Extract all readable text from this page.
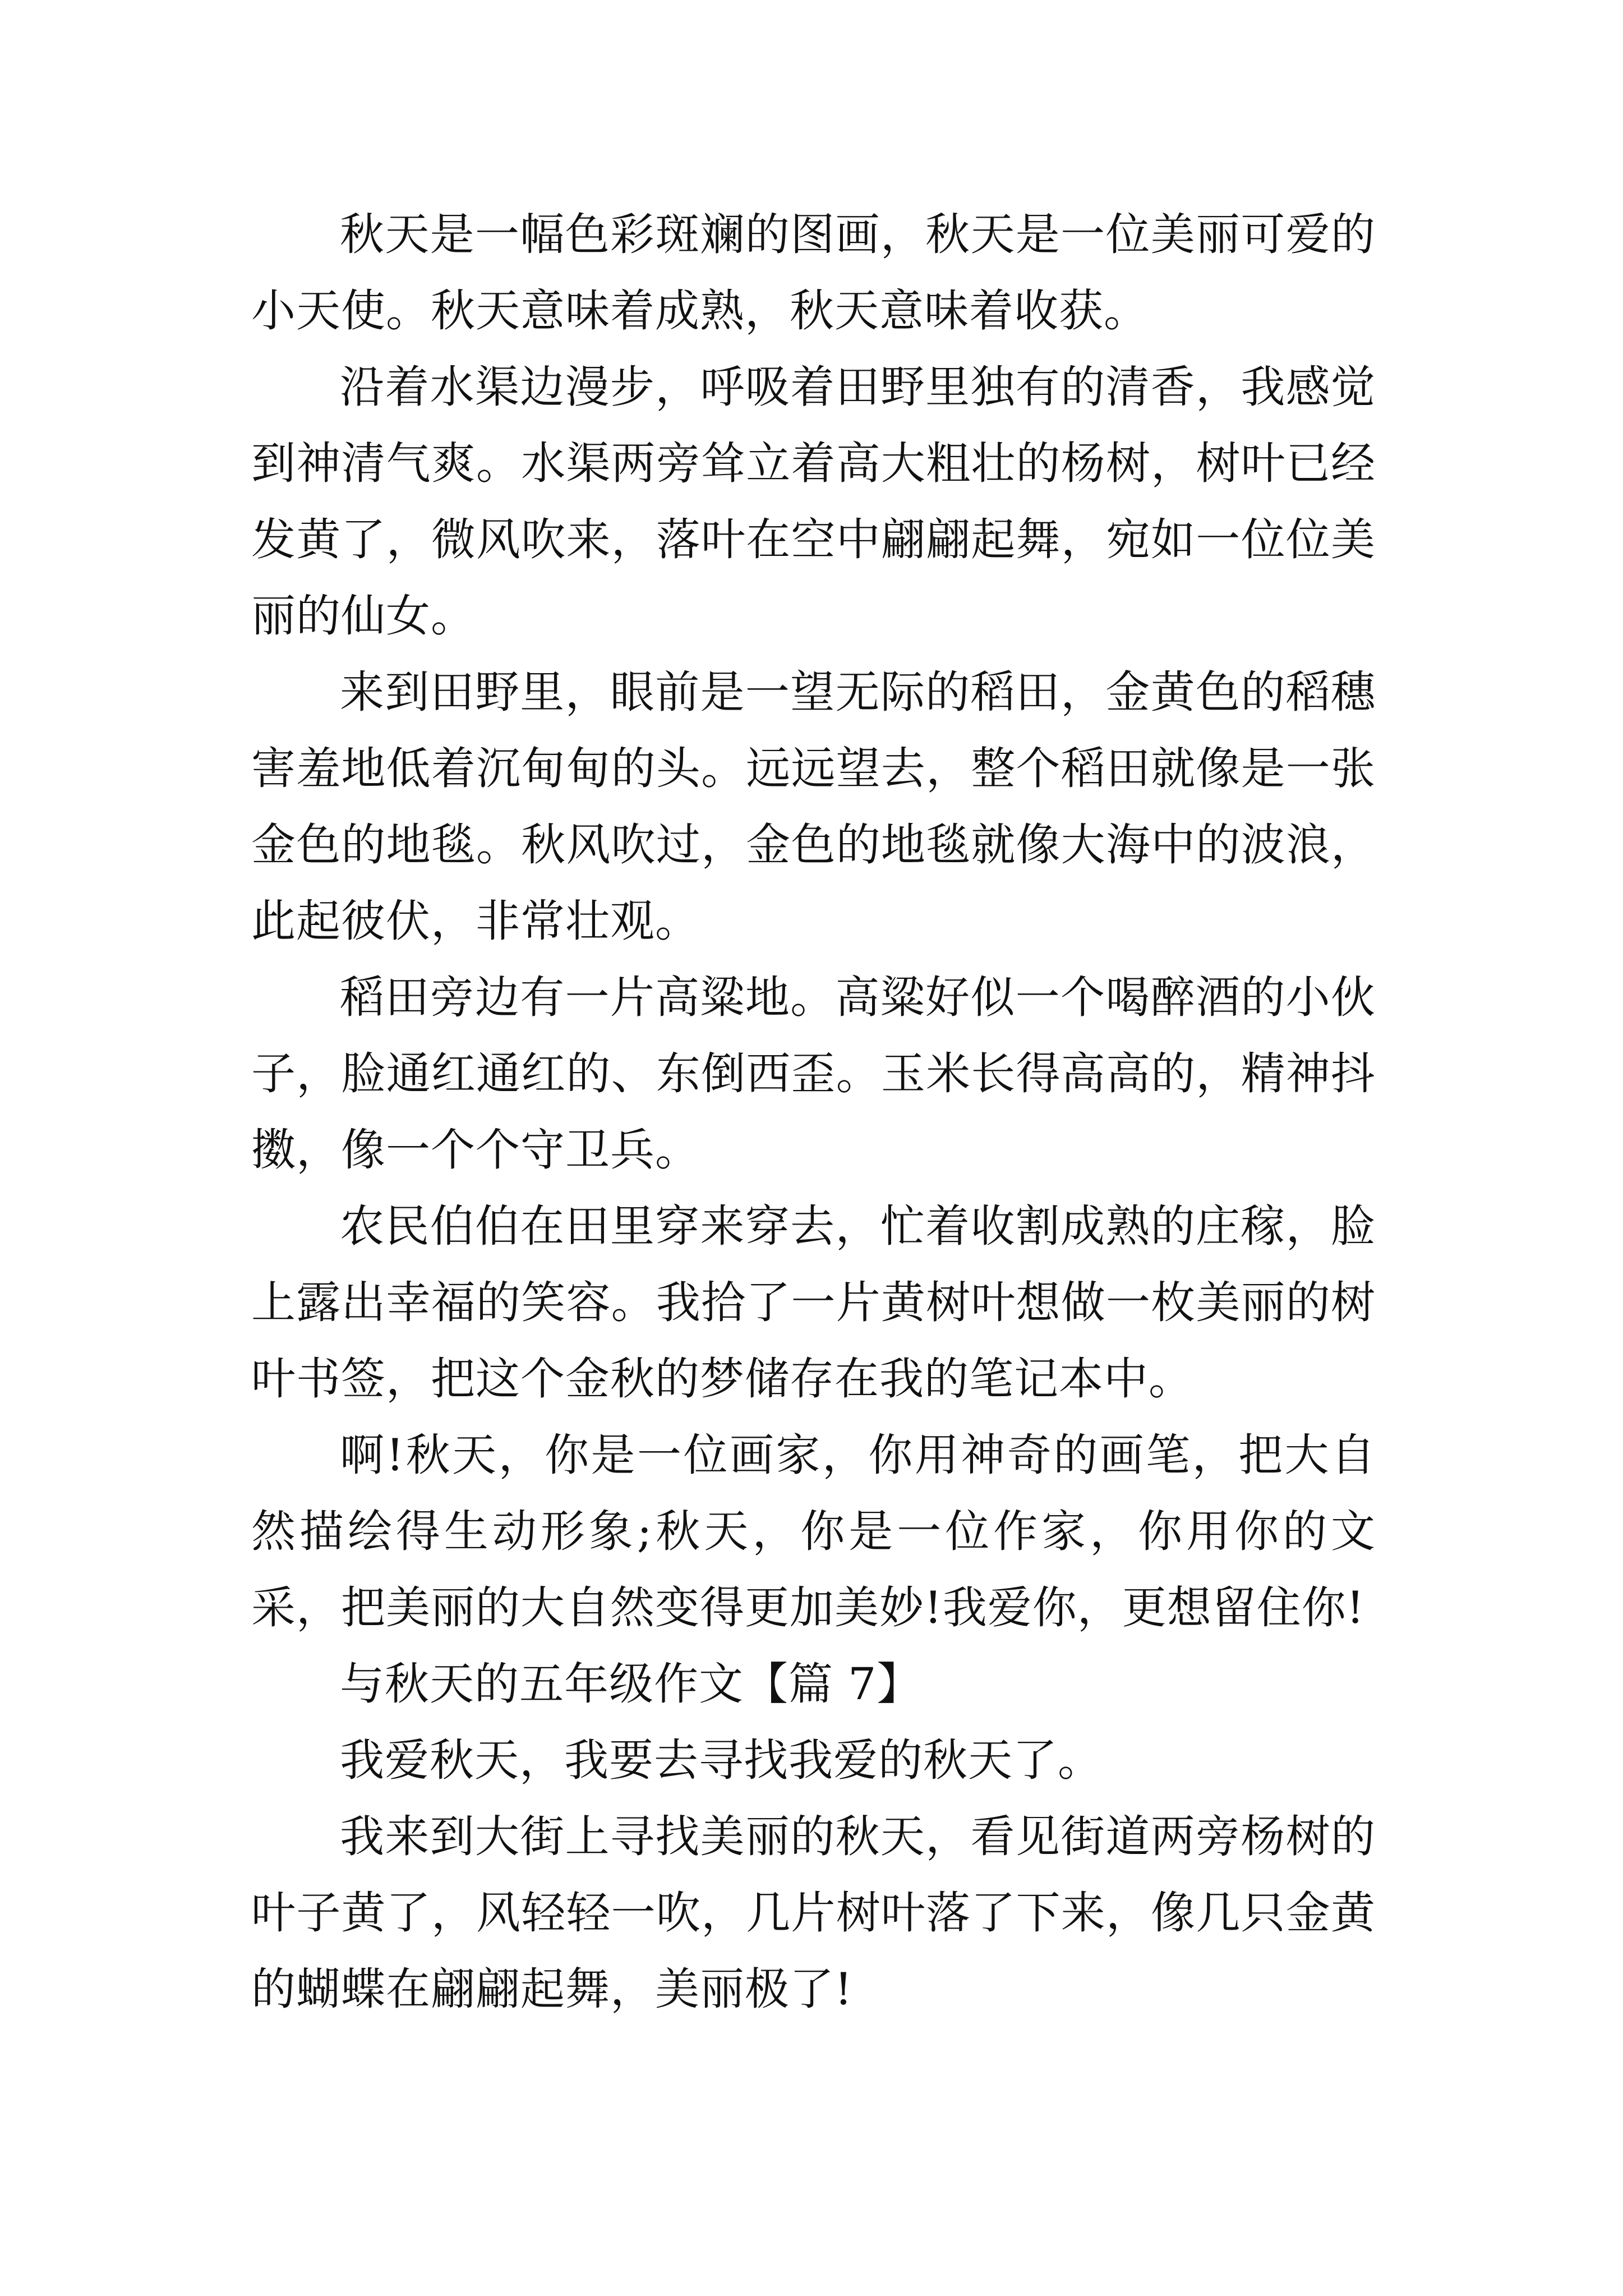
秋天是一幅色彩斑斓的图画，秋天是一位美丽可爱的小天使。秋天意味着成熟，秋天意味着收获。

沿着水渠边漫步，呼吸着田野里独有的清香，我感觉到神清气爽。水渠两旁耸立着高大粗壮的杨树，树叶已经发黄了，微风吹来，落叶在空中翩翩起舞，宛如一位位美丽的仙女。

来到田野里，眼前是一望无际的稻田，金黄色的稻穗害羞地低着沉甸甸的头。远远望去，整个稻田就像是一张金色的地毯。秋风吹过，金色的地毯就像大海中的波浪，此起彼伏，非常壮观。

稻田旁边有一片高粱地。高粱好似一个喝醉酒的小伙子，脸通红通红的、东倒西歪。玉米长得高高的，精神抖擞，像一个个守卫兵。

农民伯伯在田里穿来穿去，忙着收割成熟的庄稼，脸上露出幸福的笑容。我拾了一片黄树叶想做一枚美丽的树叶书签，把这个金秋的梦储存在我的笔记本中。

啊!秋天，你是一位画家，你用神奇的画笔，把大自然描绘得生动形象;秋天，你是一位作家，你用你的文采，把美丽的大自然变得更加美妙!我爱你，更想留住你!

与秋天的五年级作文【篇 7】

我爱秋天，我要去寻找我爱的秋天了。

我来到大街上寻找美丽的秋天，看见街道两旁杨树的叶子黄了，风轻轻一吹，几片树叶落了下来，像几只金黄的蝴蝶在翩翩起舞，美丽极了!
